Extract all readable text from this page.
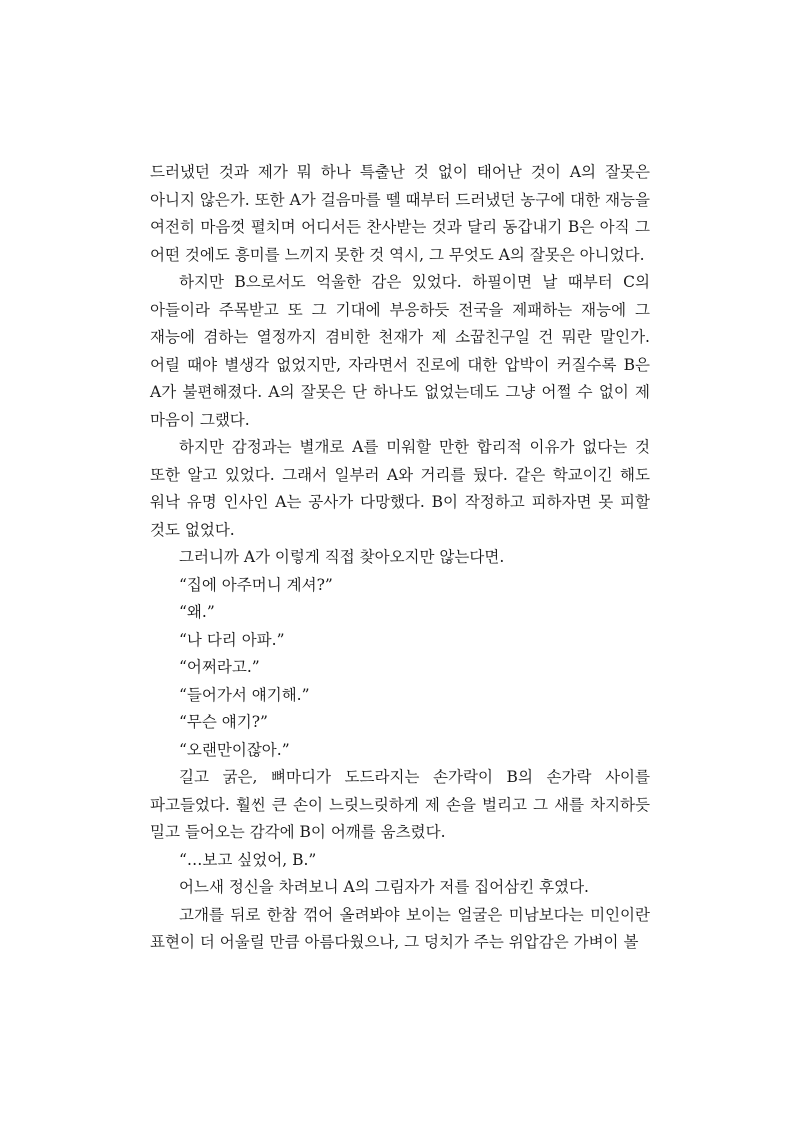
드러냈던 것과 제가 뭐 하나 특출난 것 없이 태어난 것이 A의 잘못은 아니지 않은가. 또한 A가 걸음마를 뗄 때부터 드러냈던 농구에 대한 재능을 여전히 마음껏 펼치며 어디서든 찬사받는 것과 달리 동갑내기 B은 아직 그 어떤 것에도 흥미를 느끼지 못한 것 역시, 그 무엇도 A의 잘못은 아니었다.

하지만 B으로서도 억울한 감은 있었다. 하필이면 날 때부터 C의 아들이라 주목받고 또 그 기대에 부응하듯 전국을 제패하는 재능에 그 재능에 겸하는 열정까지 겸비한 천재가 제 소꿉친구일 건 뭐란 말인가. 어릴 때야 별생각 없었지만, 자라면서 진로에 대한 압박이 커질수록 B은 A가 불편해졌다. A의 잘못은 단 하나도 없었는데도 그냥 어쩔 수 없이 제 마음이 그랬다.

하지만 감정과는 별개로 A를 미워할 만한 합리적 이유가 없다는 것 또한 알고 있었다. 그래서 일부러 A와 거리를 뒀다. 같은 학교이긴 해도 워낙 유명 인사인 A는 공사가 다망했다. B이 작정하고 피하자면 못 피할 것도 없었다.

그러니까 A가 이렇게 직접 찾아오지만 않는다면.

“집에 아주머니 계셔?”

“왜.”

“나 다리 아파.”

“어쩌라고.”

“들어가서 얘기해.”

“무슨 얘기?”

“오랜만이잖아.”

길고 굵은, 뼈마디가 도드라지는 손가락이 B의 손가락 사이를 파고들었다. 훨씬 큰 손이 느릿느릿하게 제 손을 벌리고 그 새를 차지하듯 밀고 들어오는 감각에 B이 어깨를 움츠렸다.

“…보고 싶었어, B.”

어느새 정신을 차려보니 A의 그림자가 저를 집어삼킨 후였다.

고개를 뒤로 한참 꺾어 올려봐야 보이는 얼굴은 미남보다는 미인이란 표현이 더 어울릴 만큼 아름다웠으나, 그 덩치가 주는 위압감은 가벼이 볼
